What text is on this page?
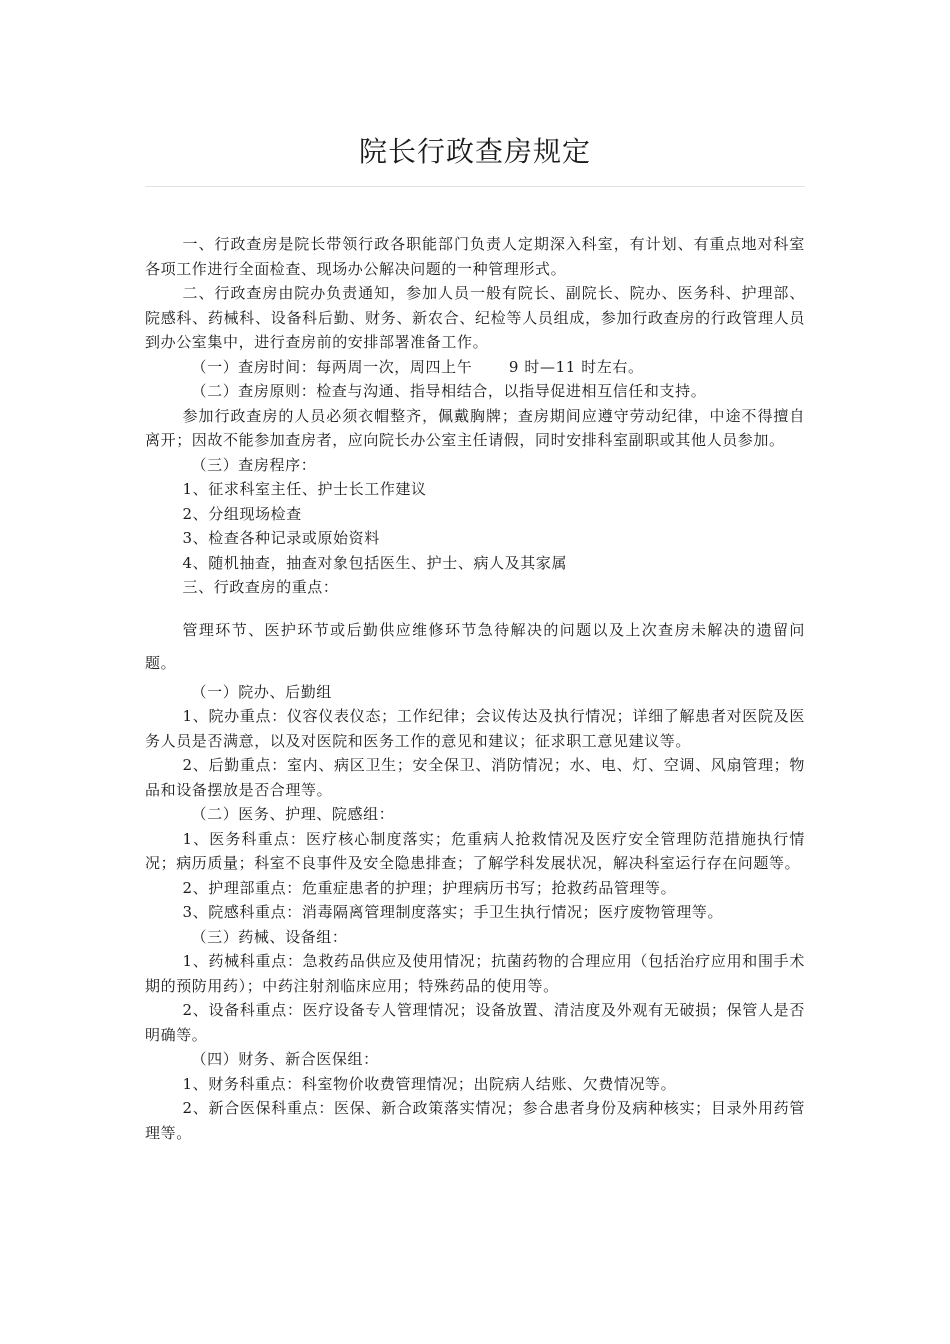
院长行政查房规定

一、行政查房是院长带领行政各职能部门负责人定期深入科室，有计划、有重点地对科室各项工作进行全面检查、现场办公解决问题的一种管理形式。

二、行政查房由院办负责通知，参加人员一般有院长、副院长、院办、医务科、护理部、院感科、药械科、设备科后勤、财务、新农合、纪检等人员组成，参加行政查房的行政管理人员到办公室集中，进行查房前的安排部署准备工作。

（一）查房时间：每两周一次，周四上午　　 9 时—11 时左右。

（二）查房原则：检查与沟通、指导相结合，以指导促进相互信任和支持。

参加行政查房的人员必须衣帽整齐，佩戴胸牌；查房期间应遵守劳动纪律，中途不得擅自离开；因故不能参加查房者，应向院长办公室主任请假，同时安排科室副职或其他人员参加。

（三）查房程序：

1、征求科室主任、护士长工作建议

2、分组现场检查

3、检查各种记录或原始资料

4、随机抽查，抽查对象包括医生、护士、病人及其家属

三、行政查房的重点：

管理环节、医护环节或后勤供应维修环节急待解决的问题以及上次查房未解决的遗留问题。

（一）院办、后勤组

1、院办重点：仪容仪表仪态；工作纪律；会议传达及执行情况；详细了解患者对医院及医务人员是否满意，以及对医院和医务工作的意见和建议；征求职工意见建议等。

2、后勤重点：室内、病区卫生；安全保卫、消防情况；水、电、灯、空调、风扇管理；物品和设备摆放是否合理等。

（二）医务、护理、院感组：

1、医务科重点：医疗核心制度落实；危重病人抢救情况及医疗安全管理防范措施执行情况；病历质量；科室不良事件及安全隐患排查；了解学科发展状况，解决科室运行存在问题等。

2、护理部重点：危重症患者的护理；护理病历书写；抢救药品管理等。

3、院感科重点：消毒隔离管理制度落实；手卫生执行情况；医疗废物管理等。

（三）药械、设备组：

1、药械科重点：急救药品供应及使用情况；抗菌药物的合理应用（包括治疗应用和围手术期的预防用药）；中药注射剂临床应用；特殊药品的使用等。

2、设备科重点：医疗设备专人管理情况；设备放置、清洁度及外观有无破损；保管人是否明确等。

（四）财务、新合医保组：

1、财务科重点：科室物价收费管理情况；出院病人结账、欠费情况等。

2、新合医保科重点：医保、新合政策落实情况；参合患者身份及病种核实；目录外用药管理等。
